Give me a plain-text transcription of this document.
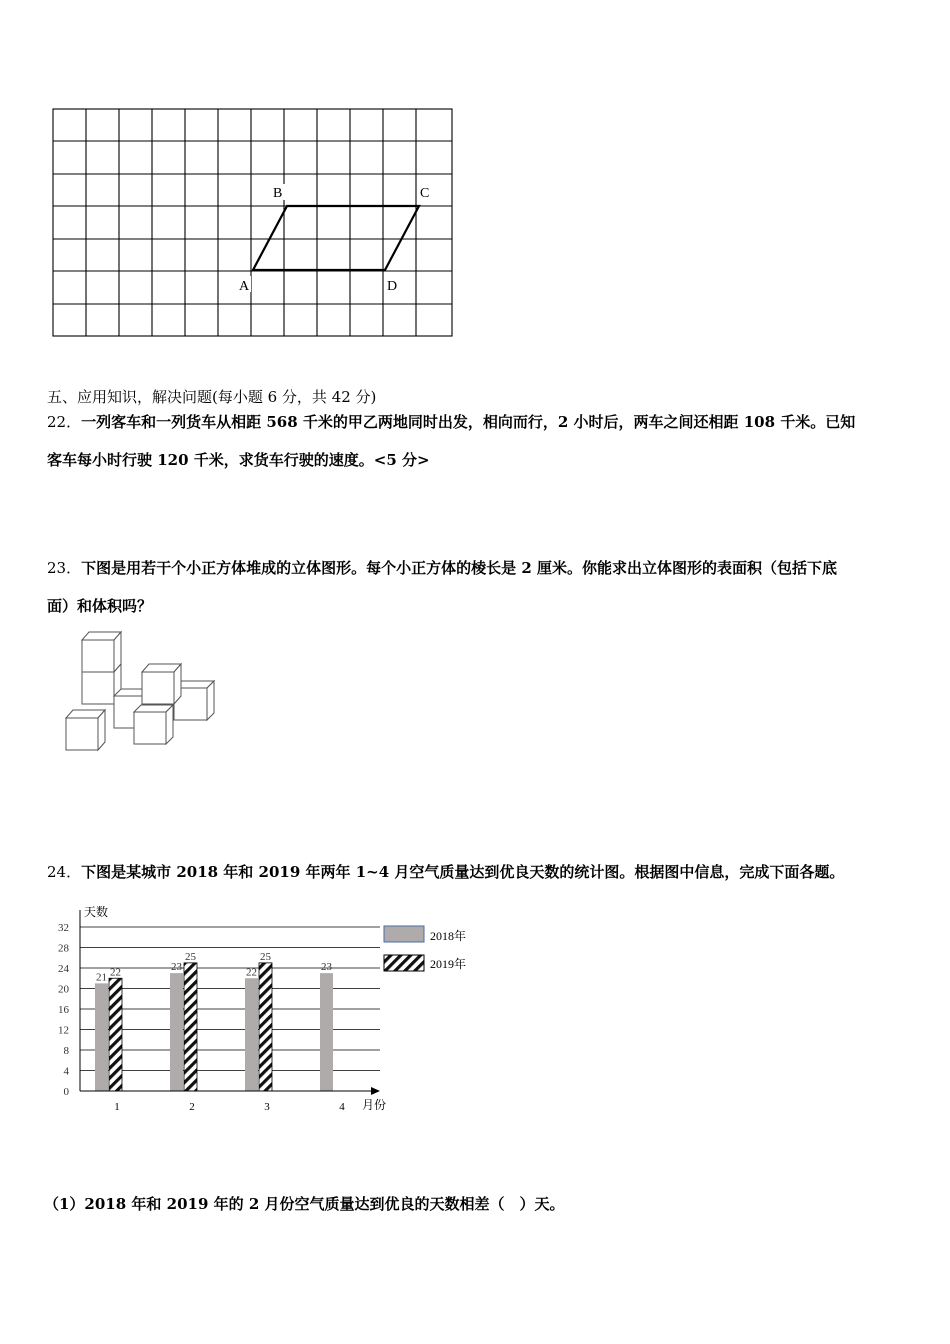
B	C
A	D
五、应用知识，解决问题(每小题 6 分，共 42 分)
22．一列客车和一列货车从相距 568 千米的甲乙两地同时出发，相向而行，2 小时后，两车之间还相距 108 千米。已知
客车每小时行驶 120 千米，求货车行驶的速度。<5 分>
23．下图是用若干个小正方体堆成的立体图形。每个小正方体的棱长是 2 厘米。你能求出立体图形的表面积（包括下底
面）和体积吗？
24．下图是某城市 2018 年和 2019 年两年 1~4 月空气质量达到优良天数的统计图。根据图中信息，完成下面各题。
0
4
8
12
16
20
24
28
32
1	2	3	4
21 22	23
25
22
25
23
天数
月份
2018年
2019年
（1）2018 年和 2019 年的 2 月份空气质量达到优良的天数相差（　）天。
